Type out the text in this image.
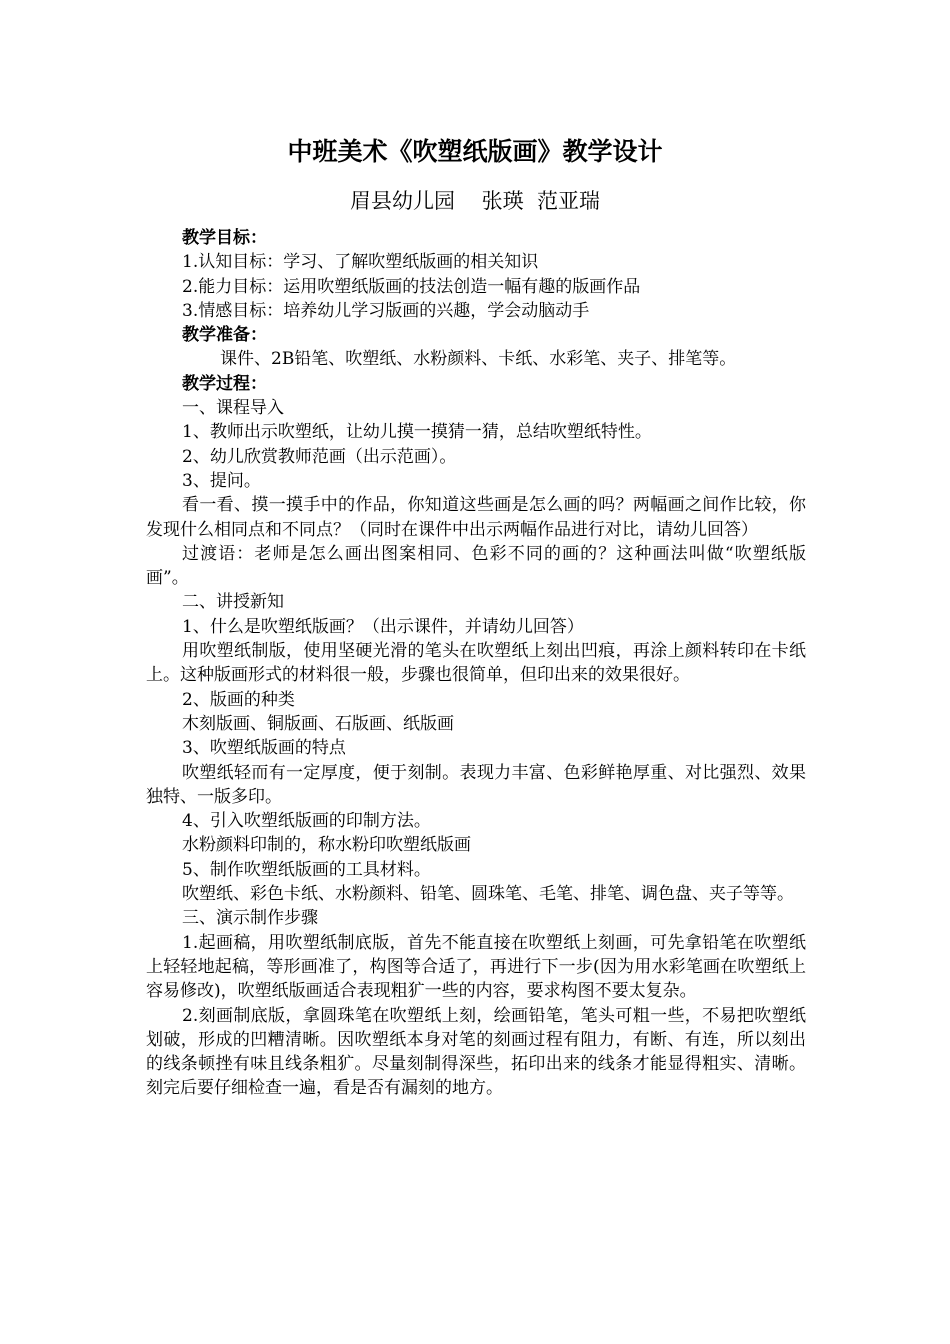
中班美术《吹塑纸版画》教学设计
眉县幼儿园 张瑛  范亚瑞

教学目标：

1.认知目标：学习、了解吹塑纸版画的相关知识

2.能力目标：运用吹塑纸版画的技法创造一幅有趣的版画作品

3.情感目标：培养幼儿学习版画的兴趣，学会动脑动手

教学准备：

课件、2B铅笔、吹塑纸、水粉颜料、卡纸、水彩笔、夹子、排笔等。

教学过程：

一、课程导入

1、教师出示吹塑纸，让幼儿摸一摸猜一猜，总结吹塑纸特性。

2、幼儿欣赏教师范画（出示范画）。

3、提问。

看一看、摸一摸手中的作品，你知道这些画是怎么画的吗？两幅画之间作比较，你发现什么相同点和不同点？（同时在课件中出示两幅作品进行对比，请幼儿回答）

过渡语：老师是怎么画出图案相同、色彩不同的画的？这种画法叫做“吹塑纸版画”。

二、讲授新知

1、什么是吹塑纸版画？（出示课件，并请幼儿回答）

用吹塑纸制版，使用坚硬光滑的笔头在吹塑纸上刻出凹痕，再涂上颜料转印在卡纸上。这种版画形式的材料很一般，步骤也很简单，但印出来的效果很好。

2、版画的种类

木刻版画、铜版画、石版画、纸版画

3、吹塑纸版画的特点

吹塑纸轻而有一定厚度，便于刻制。表现力丰富、色彩鲜艳厚重、对比强烈、效果独特、一版多印。

4、引入吹塑纸版画的印制方法。

水粉颜料印制的，称水粉印吹塑纸版画

5、制作吹塑纸版画的工具材料。

吹塑纸、彩色卡纸、水粉颜料、铅笔、圆珠笔、毛笔、排笔、调色盘、夹子等等。

三、演示制作步骤

1.起画稿，用吹塑纸制底版，首先不能直接在吹塑纸上刻画，可先拿铅笔在吹塑纸上轻轻地起稿，等形画准了，构图等合适了，再进行下一步(因为用水彩笔画在吹塑纸上容易修改)，吹塑纸版画适合表现粗犷一些的内容，要求构图不要太复杂。

2.刻画制底版，拿圆珠笔在吹塑纸上刻，绘画铅笔，笔头可粗一些，不易把吹塑纸划破，形成的凹糟清晰。因吹塑纸本身对笔的刻画过程有阻力，有断、有连，所以刻出的线条顿挫有味且线条粗犷。尽量刻制得深些，拓印出来的线条才能显得粗实、清晰。刻完后要仔细检查一遍，看是否有漏刻的地方。
